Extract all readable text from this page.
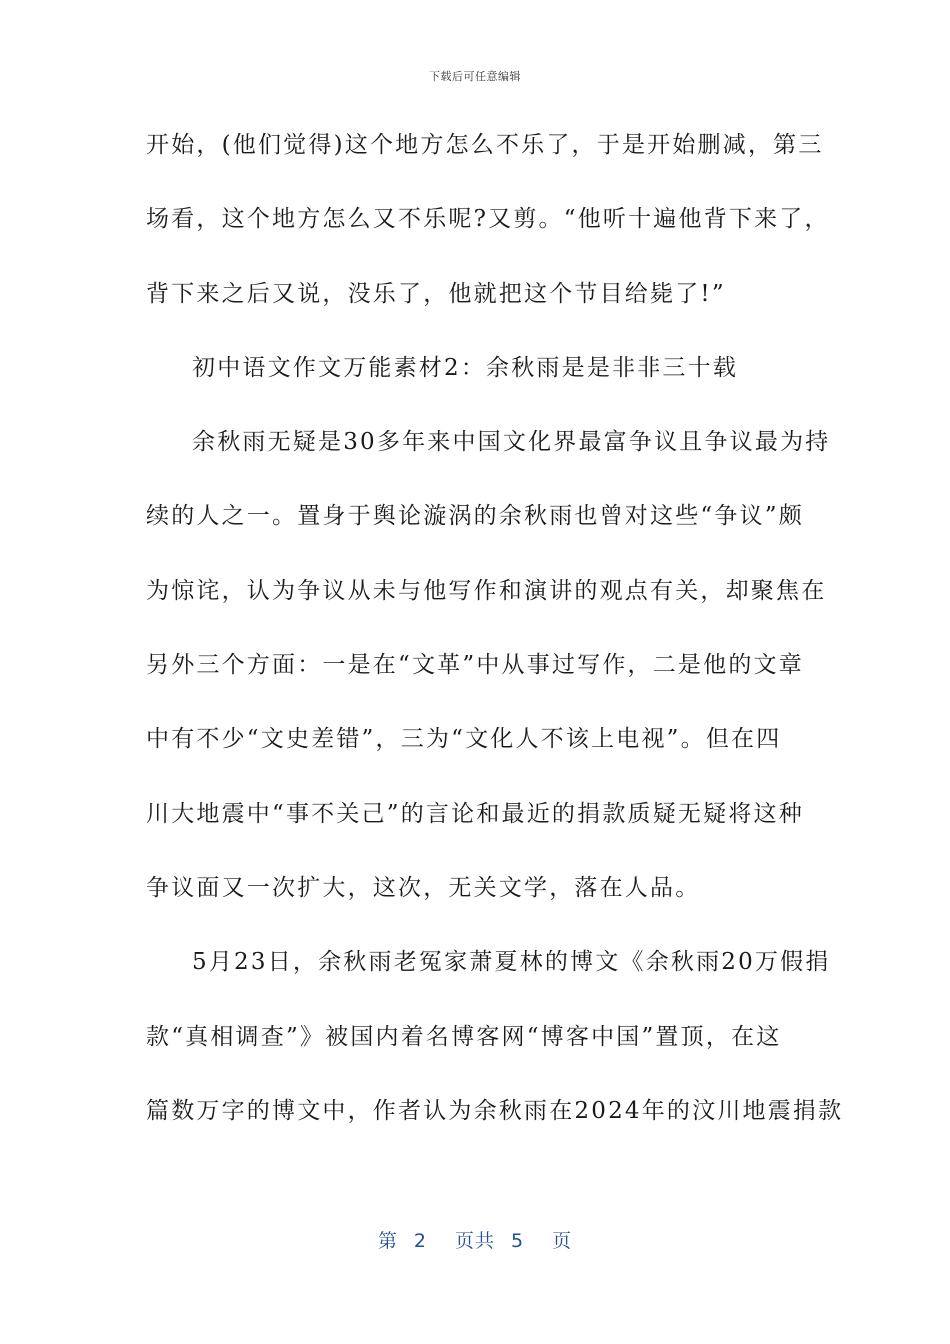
下载后可任意编辑
开始，(他们觉得)这个地方怎么不乐了，于是开始删减，第三
场看，这个地方怎么又不乐呢?又剪。“他听十遍他背下来了，
背下来之后又说，没乐了，他就把这个节目给毙了!”
初中语文作文万能素材2：余秋雨是是非非三十载
余秋雨无疑是30多年来中国文化界最富争议且争议最为持
续的人之一。置身于舆论漩涡的余秋雨也曾对这些“争议”颇
为惊诧，认为争议从未与他写作和演讲的观点有关，却聚焦在
另外三个方面：一是在“文革”中从事过写作，二是他的文章
中有不少“文史差错”，三为“文化人不该上电视”。但在四
川大地震中“事不关己”的言论和最近的捐款质疑无疑将这种
争议面又一次扩大，这次，无关文学，落在人品。
5月23日，余秋雨老冤家萧夏林的博文《余秋雨20万假捐
款“真相调查”》被国内着名博客网“博客中国”置顶，在这
篇数万字的博文中，作者认为余秋雨在2024年的汶川地震捐款
第 2 页共 5 页
